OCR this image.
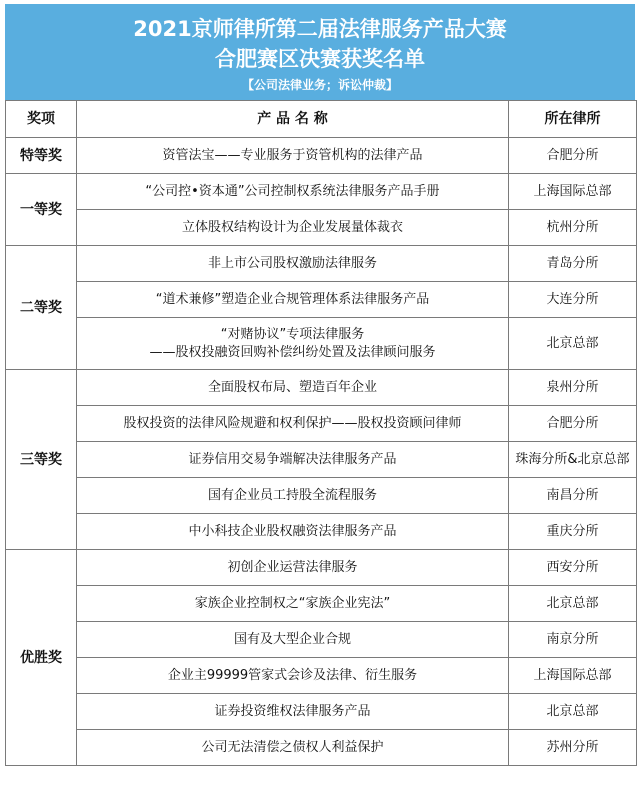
2021京师律所第二届法律服务产品大赛
合肥赛区决赛获奖名单
【公司法律业务；诉讼仲裁】
奖项	产 品 名 称	所在律所
特等奖	资管法宝——专业服务于资管机构的法律产品	合肥分所
一等奖	“公司控•资本通”公司控制权系统法律服务产品手册	上海国际总部
	立体股权结构设计为企业发展量体裁衣	杭州分所
二等奖	非上市公司股权激励法律服务	青岛分所
	“道术兼修”塑造企业合规管理体系法律服务产品	大连分所

	“对赌协议”专项法律服务
——股权投融资回购补偿纠纷处置及法律顾问服务	北京总部
三等奖	全面股权布局、塑造百年企业	泉州分所
	股权投资的法律风险规避和权利保护——股权投资顾问律师	合肥分所
	证券信用交易争端解决法律服务产品	珠海分所&北京总部
	国有企业员工持股全流程服务	南昌分所
	中小科技企业股权融资法律服务产品	重庆分所
优胜奖	初创企业运营法律服务	西安分所
	家族企业控制权之“家族企业宪法”	北京总部
	国有及大型企业合规	南京分所
	企业主99999管家式会诊及法律、衍生服务	上海国际总部
	证券投资维权法律服务产品	北京总部
	公司无法清偿之债权人利益保护	苏州分所
